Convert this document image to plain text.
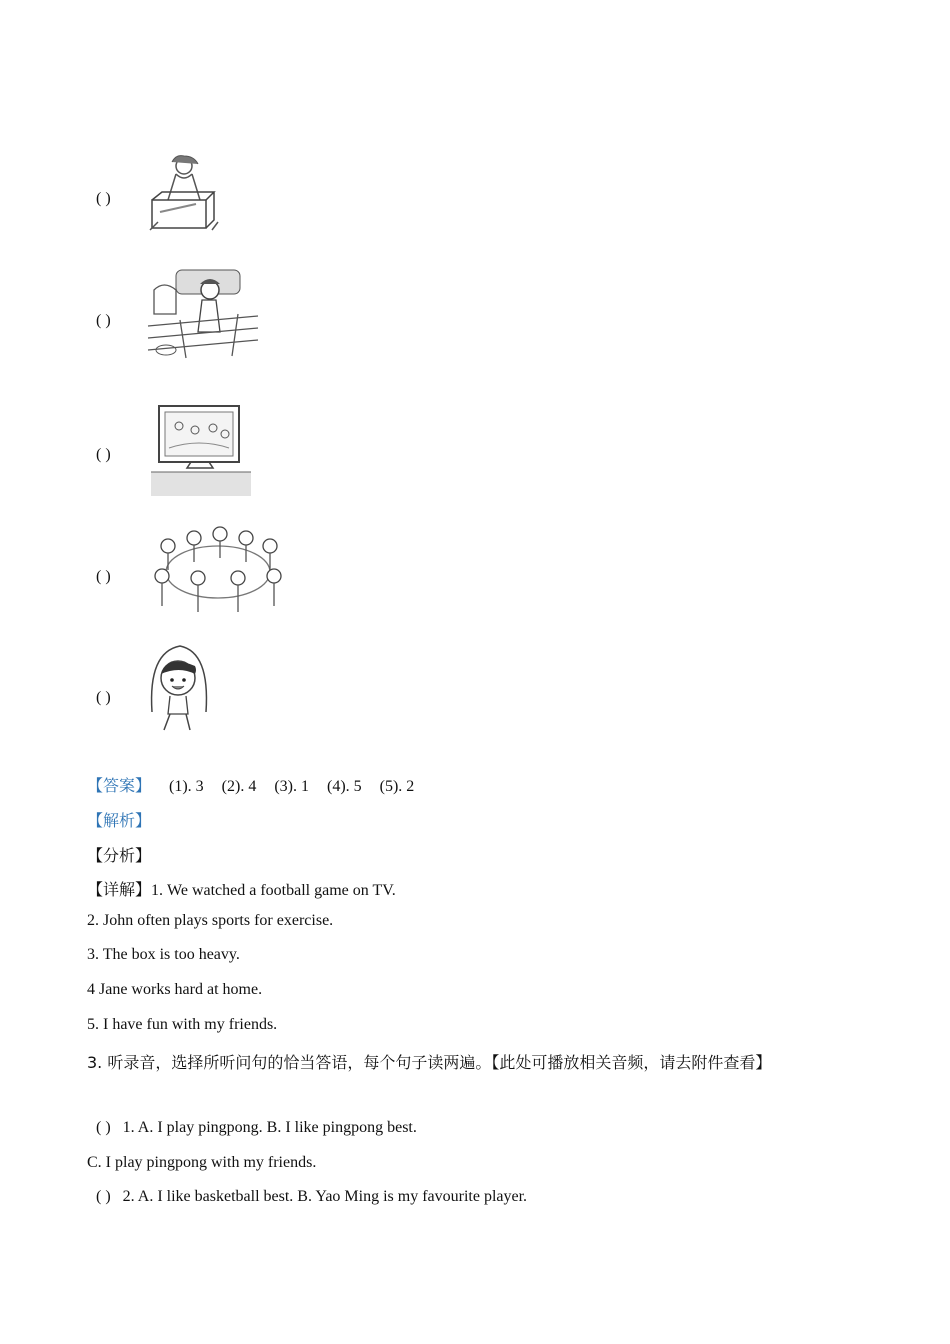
( )
( )
( )
( )
( )
【答案】 (1). 3 (2). 4 (3). 1 (4). 5 (5). 2
【解析】
【分析】
【详解】1. We watched a football game on TV.
2. John often plays sports for exercise.
3. The box is too heavy.
4 Jane works hard at home.
5. I have fun with my friends.
3. 听录音，选择所听问句的恰当答语，每个句子读两遍。【此处可播放相关音频，请去附件查看】
( ) 1. A. I play pingpong. B. I like pingpong best.
C. I play pingpong with my friends.
( ) 2. A. I like basketball best. B. Yao Ming is my favourite player.
